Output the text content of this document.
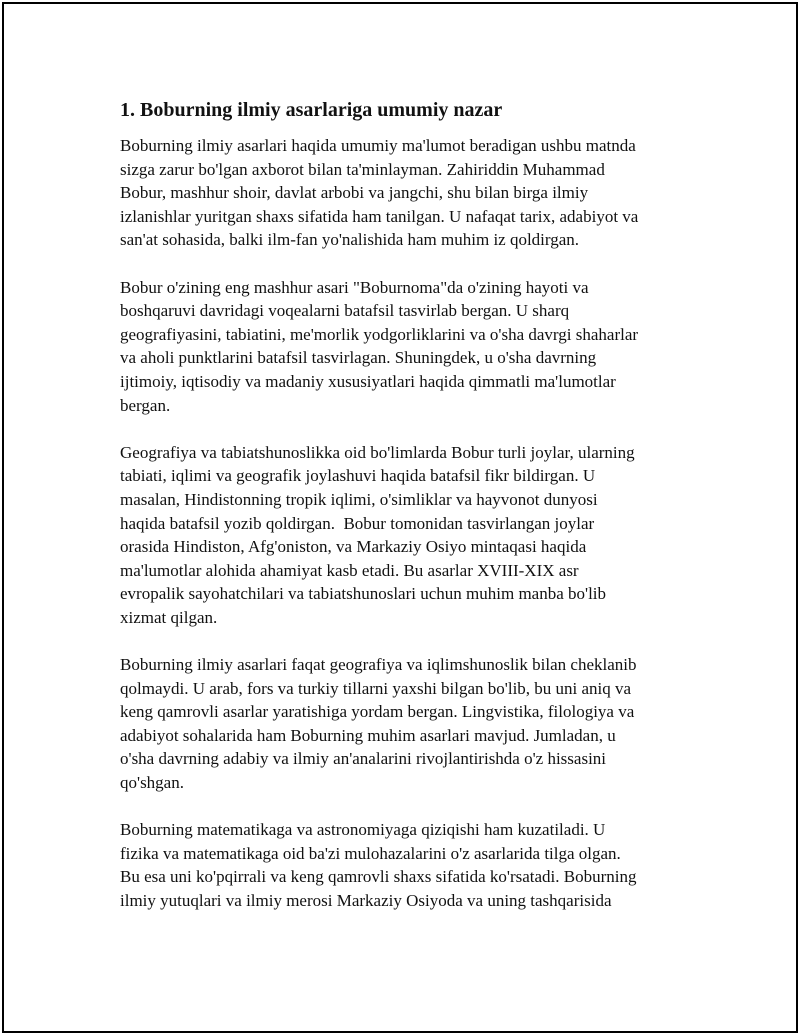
1. Boburning ilmiy asarlariga umumiy nazar

Boburning ilmiy asarlari haqida umumiy ma'lumot beradigan ushbu matnda
sizga zarur bo'lgan axborot bilan ta'minlayman. Zahiriddin Muhammad
Bobur, mashhur shoir, davlat arbobi va jangchi, shu bilan birga ilmiy
izlanishlar yuritgan shaxs sifatida ham tanilgan. U nafaqat tarix, adabiyot va
san'at sohasida, balki ilm-fan yo'nalishida ham muhim iz qoldirgan.

Bobur o'zining eng mashhur asari "Boburnoma"da o'zining hayoti va
boshqaruvi davridagi voqealarni batafsil tasvirlab bergan. U sharq
geografiyasini, tabiatini, me'morlik yodgorliklarini va o'sha davrgi shaharlar
va aholi punktlarini batafsil tasvirlagan. Shuningdek, u o'sha davrning
ijtimoiy, iqtisodiy va madaniy xususiyatlari haqida qimmatli ma'lumotlar
bergan.

Geografiya va tabiatshunoslikka oid bo'limlarda Bobur turli joylar, ularning
tabiati, iqlimi va geografik joylashuvi haqida batafsil fikr bildirgan. U
masalan, Hindistonning tropik iqlimi, o'simliklar va hayvonot dunyosi
haqida batafsil yozib qoldirgan.  Bobur tomonidan tasvirlangan joylar
orasida Hindiston, Afg'oniston, va Markaziy Osiyo mintaqasi haqida
ma'lumotlar alohida ahamiyat kasb etadi. Bu asarlar XVIII-XIX asr
evropalik sayohatchilari va tabiatshunoslari uchun muhim manba bo'lib
xizmat qilgan.

Boburning ilmiy asarlari faqat geografiya va iqlimshunoslik bilan cheklanib
qolmaydi. U arab, fors va turkiy tillarni yaxshi bilgan bo'lib, bu uni aniq va
keng qamrovli asarlar yaratishiga yordam bergan. Lingvistika, filologiya va
adabiyot sohalarida ham Boburning muhim asarlari mavjud. Jumladan, u
o'sha davrning adabiy va ilmiy an'analarini rivojlantirishda o'z hissasini
qo'shgan.

Boburning matematikaga va astronomiyaga qiziqishi ham kuzatiladi. U
fizika va matematikaga oid ba'zi mulohazalarini o'z asarlarida tilga olgan.
Bu esa uni ko'pqirrali va keng qamrovli shaxs sifatida ko'rsatadi. Boburning
ilmiy yutuqlari va ilmiy merosi Markaziy Osiyoda va uning tashqarisida
